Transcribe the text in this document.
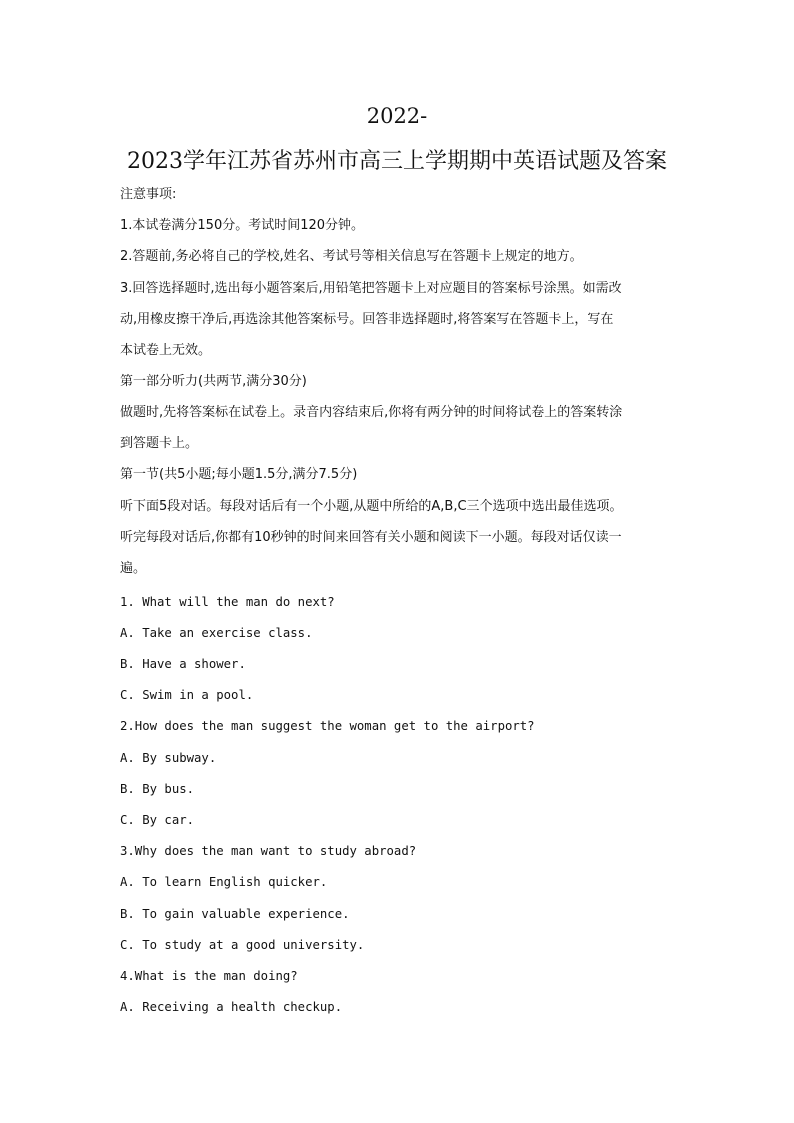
2022-
2023学年江苏省苏州市高三上学期期中英语试题及答案
注意事项:
1.本试卷满分150分。考试时间120分钟。
2.答题前,务必将自己的学校,姓名、考试号等相关信息写在答题卡上规定的地方。
3.回答选择题时,选出每小题答案后,用铅笔把答题卡上对应题目的答案标号涂黑。如需改
动,用橡皮擦干净后,再选涂其他答案标号。回答非选择题时,将答案写在答题卡上，写在
本试卷上无效。
第一部分听力(共两节,满分30分)
做题时,先将答案标在试卷上。录音内容结束后,你将有两分钟的时间将试卷上的答案转涂
到答题卡上。
第一节(共5小题;每小题1.5分,满分7.5分)
听下面5段对话。每段对话后有一个小题,从题中所给的A,B,C三个选项中选出最佳选项。
听完每段对话后,你都有10秒钟的时间来回答有关小题和阅读下一小题。每段对话仅读一
遍。
1. What will the man do next?
A. Take an exercise class.
B. Have a shower.
C. Swim in a pool.
2.How does the man suggest the woman get to the airport?
A. By subway.
B. By bus.
C. By car.
3.Why does the man want to study abroad?
A. To learn English quicker.
B. To gain valuable experience.
C. To study at a good university.
4.What is the man doing?
A. Receiving a health checkup.
